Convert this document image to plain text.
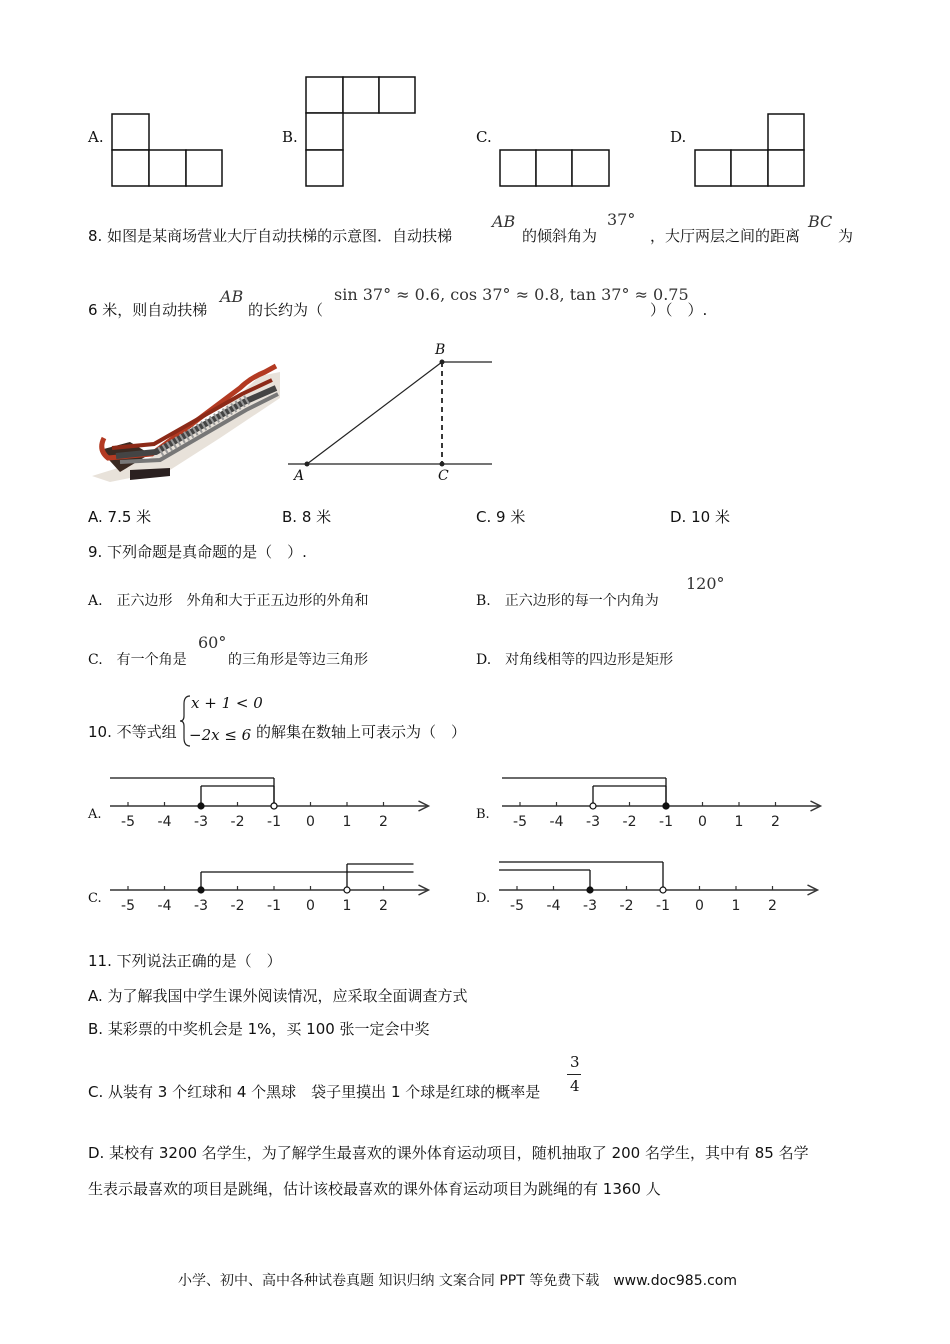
A.	B.	C.	D.
8. 如图是某商场营业大厅自动扶梯的示意图．自动扶梯
AB
的倾斜角为
37°
，大厅两层之间的距离
BC
为
6 米，则自动扶梯
AB
的长约为（
sin 37° ≈ 0.6, cos 37° ≈ 0.8, tan 37° ≈ 0.75
）（　）.
A
B
C
A. 7.5 米	B. 8 米	C. 9 米	D. 10 米
9. 下列命题是真命题的是（　）.
A.　正六边形　外角和大于正五边形的外角和	B.　正六边形的每一个内角为
120°
C.　有一个角是
60°
的三角形是等边三角形	D.　对角线相等的四边形是矩形
10. 不等式组
x + 1 < 0
−2x ≤ 6 的解集在数轴上可表示为（　）
A.	B.
C.	D.
-5 -4 -3 -2 -1 0 1 2	-5 -4 -3 -2 -1 0 1 2
-5 -4 -3 -2 -1 0 1 2	-5 -4 -3 -2 -1 0 1 2
11. 下列说法正确的是（　）
A. 为了解我国中学生课外阅读情况，应采取全面调查方式
B. 某彩票的中奖机会是 1%，买 100 张一定会中奖
C. 从装有 3 个红球和 4 个黑球　袋子里摸出 1 个球是红球的概率是
3
4
D. 某校有 3200 名学生，为了解学生最喜欢的课外体育运动项目，随机抽取了 200 名学生，其中有 85 名学
生表示最喜欢的项目是跳绳，估计该校最喜欢的课外体育运动项目为跳绳的有 1360 人
小学、初中、高中各种试卷真题 知识归纳 文案合同 PPT 等免费下载　www.doc985.com
